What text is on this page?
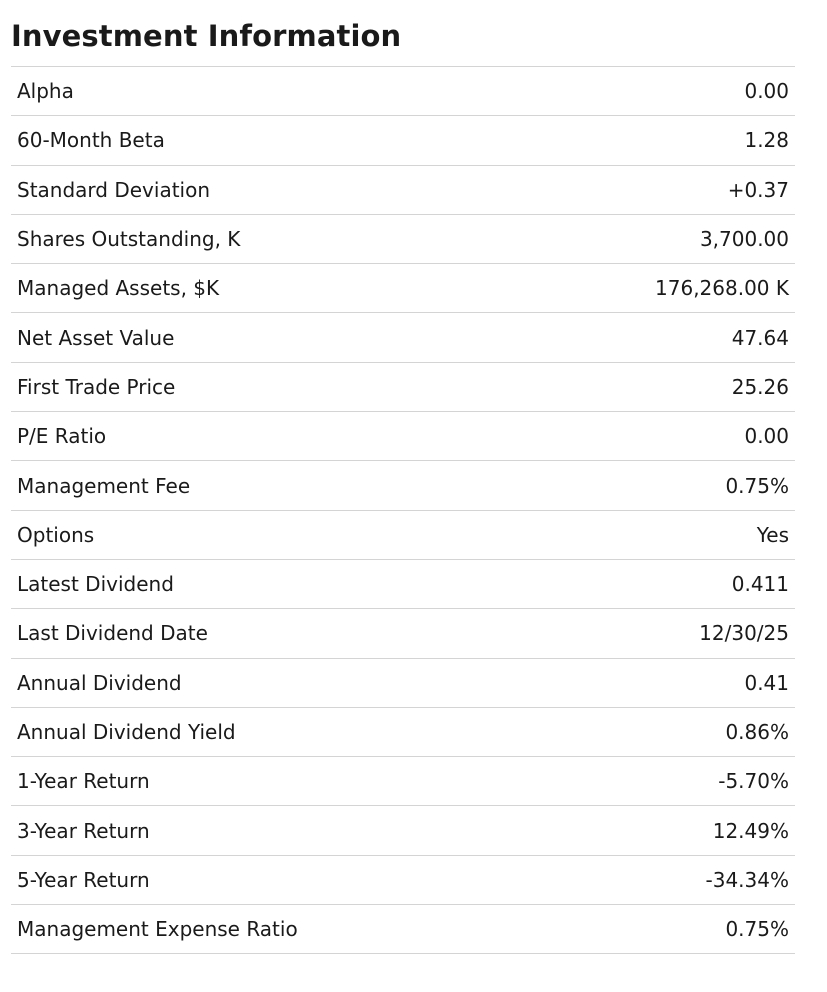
Investment Information
Alpha	0.00
60-Month Beta	1.28
Standard Deviation	+0.37
Shares Outstanding, K	3,700.00
Managed Assets, $K	176,268.00 K
Net Asset Value	47.64
First Trade Price	25.26
P/E Ratio	0.00
Management Fee	0.75%
Options	Yes
Latest Dividend	0.411
Last Dividend Date	12/30/25
Annual Dividend	0.41
Annual Dividend Yield	0.86%
1-Year Return	-5.70%
3-Year Return	12.49%
5-Year Return	-34.34%
Management Expense Ratio	0.75%
